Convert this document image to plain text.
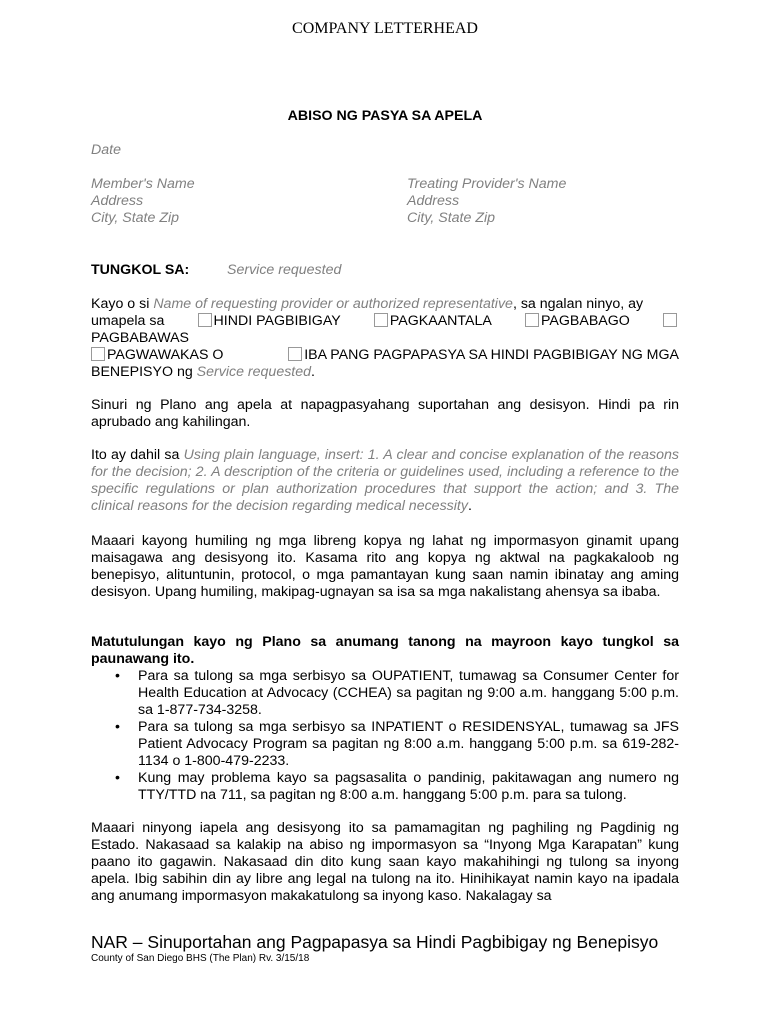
COMPANY LETTERHEAD
ABISO NG PASYA SA APELA
Date
Member's Name
Address
City, State Zip
Treating Provider's Name
Address
City, State Zip
TUNGKOL SA:	Service requested
Kayo o si Name of requesting provider or authorized representative, sa ngalan ninyo, ay
umapela sa	HINDI PAGBIBIGAY	PAGKAANTALA	PAGBABAGO
PAGBABAWAS
PAGWAWAKAS O	IBA PANG PAGPAPASYA SA HINDI PAGBIBIGAY NG MGA
BENEPISYO ng Service requested.
Sinuri ng Plano ang apela at napagpasyahang suportahan ang desisyon. Hindi pa rin aprubado ang kahilingan.
Ito ay dahil sa Using plain language, insert: 1. A clear and concise explanation of the reasons for the decision; 2. A description of the criteria or guidelines used, including a reference to the specific regulations or plan authorization procedures that support the action; and 3. The clinical reasons for the decision regarding medical necessity.
Maaari kayong humiling ng mga libreng kopya ng lahat ng impormasyon ginamit upang maisagawa ang desisyong ito. Kasama rito ang kopya ng aktwal na pagkakaloob ng benepisyo, alituntunin, protocol, o mga pamantayan kung saan namin ibinatay ang aming desisyon. Upang humiling, makipag-ugnayan sa isa sa mga nakalistang ahensya sa ibaba.
Matutulungan kayo ng Plano sa anumang tanong na mayroon kayo tungkol sa paunawang ito.
• Para sa tulong sa mga serbisyo sa OUPATIENT, tumawag sa Consumer Center for Health Education at Advocacy (CCHEA) sa pagitan ng 9:00 a.m. hanggang 5:00 p.m. sa 1-877-734-3258.
• Para sa tulong sa mga serbisyo sa INPATIENT o RESIDENSYAL, tumawag sa JFS Patient Advocacy Program sa pagitan ng 8:00 a.m. hanggang 5:00 p.m. sa 619-282-1134 o 1-800-479-2233.
• Kung may problema kayo sa pagsasalita o pandinig, pakitawagan ang numero ng TTY/TTD na 711, sa pagitan ng 8:00 a.m. hanggang 5:00 p.m. para sa tulong.
Maaari ninyong iapela ang desisyong ito sa pamamagitan ng paghiling ng Pagdinig ng Estado. Nakasaad sa kalakip na abiso ng impormasyon sa “Inyong Mga Karapatan” kung paano ito gagawin. Nakasaad din dito kung saan kayo makahihingi ng tulong sa inyong apela. Ibig sabihin din ay libre ang legal na tulong na ito. Hinihikayat namin kayo na ipadala ang anumang impormasyon makakatulong sa inyong kaso. Nakalagay sa
NAR – Sinuportahan ang Pagpapasya sa Hindi Pagbibigay ng Benepisyo
County of San Diego BHS (The Plan) Rv. 3/15/18
